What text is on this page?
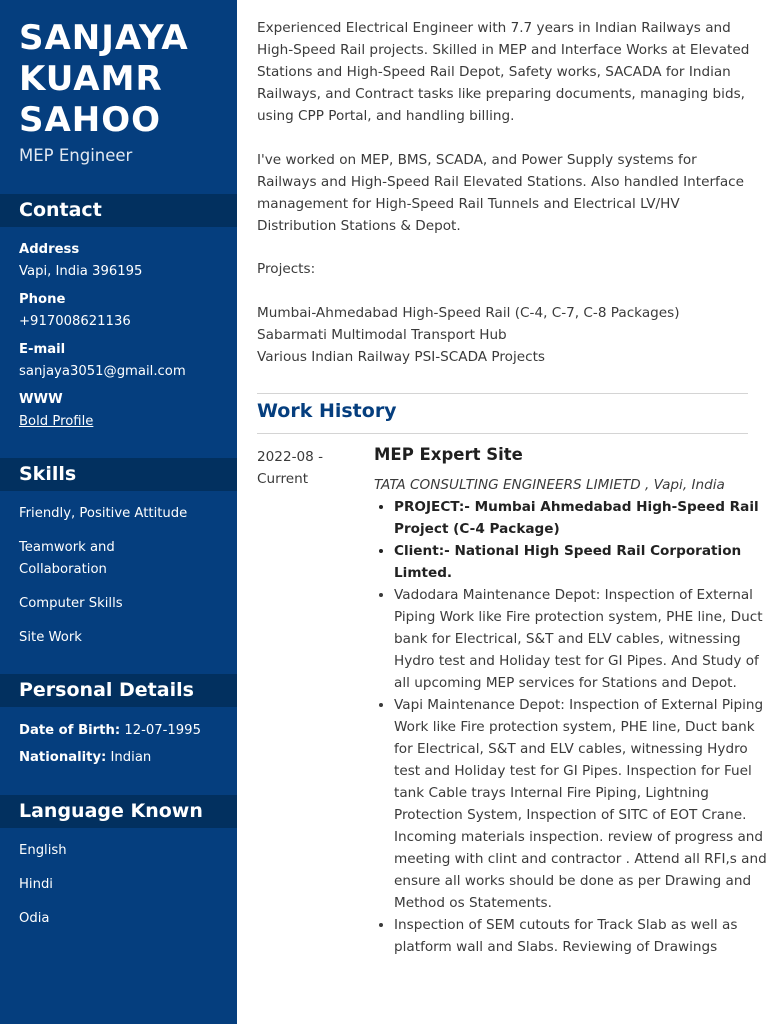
SANJAYA
KUAMR
SAHOO
MEP Engineer
Contact
Address
Vapi, India 396195
Phone
+917008621136
E-mail
sanjaya3051@gmail.com
WWW
Bold Profile
Skills
Friendly, Positive Attitude
Teamwork and Collaboration
Computer Skills
Site Work
Personal Details
Date of Birth: 12-07-1995
Nationality: Indian
Language Known
English
Hindi
Odia
Experienced Electrical Engineer with 7.7 years in Indian Railways and High-Speed Rail projects. Skilled in MEP and Interface Works at Elevated Stations and High-Speed Rail Depot, Safety works, SACADA for Indian Railways, and Contract tasks like preparing documents, managing bids, using CPP Portal, and handling billing.
I've worked on MEP, BMS, SCADA, and Power Supply systems for Railways and High-Speed Rail Elevated Stations. Also handled Interface management for High-Speed Rail Tunnels and Electrical LV/HV Distribution Stations & Depot.
Projects:
Mumbai-Ahmedabad High-Speed Rail (C-4, C-7, C-8 Packages)
Sabarmati Multimodal Transport Hub
Various Indian Railway PSI-SCADA Projects
Work History
2022-08 - Current
MEP Expert Site
TATA CONSULTING ENGINEERS LIMIETD , Vapi, India
• PROJECT:- Mumbai Ahmedabad High-Speed Rail Project (C-4 Package)
• Client:- National High Speed Rail Corporation Limted.
• Vadodara Maintenance Depot: Inspection of External Piping Work like Fire protection system, PHE line, Duct bank for Electrical, S&T and ELV cables, witnessing Hydro test and Holiday test for GI Pipes. And Study of all upcoming MEP services for Stations and Depot.
• Vapi Maintenance Depot: Inspection of External Piping Work like Fire protection system, PHE line, Duct bank for Electrical, S&T and ELV cables, witnessing Hydro test and Holiday test for GI Pipes. Inspection for Fuel tank Cable trays Internal Fire Piping, Lightning Protection System, Inspection of SITC of EOT Crane. Incoming materials inspection. review of progress and meeting with clint and contractor . Attend all RFI,s and ensure all works should be done as per Drawing and Method os Statements.
• Inspection of SEM cutouts for Track Slab as well as platform wall and Slabs. Reviewing of Drawings
